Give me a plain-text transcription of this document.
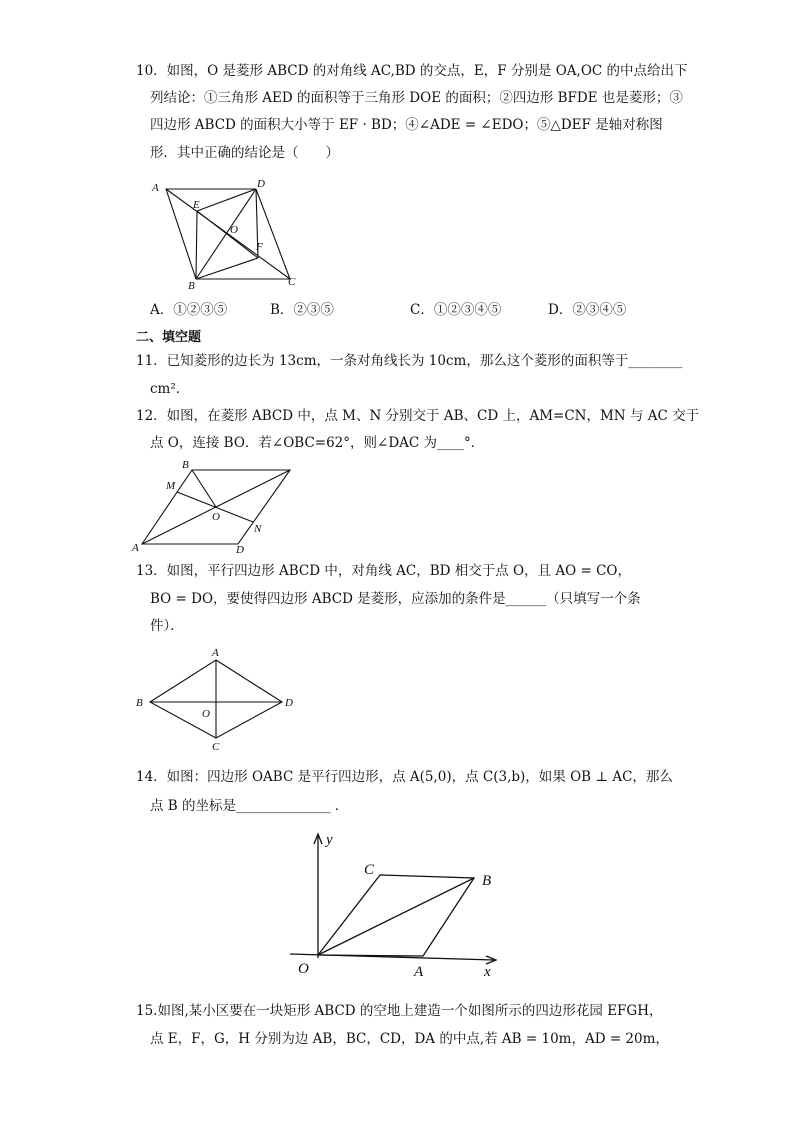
10．如图，O 是菱形 ABCD 的对角线 AC,BD 的交点，E，F 分别是 OA,OC 的中点给出下
列结论：①三角形 AED 的面积等于三角形 DOE 的面积；②四边形 BFDE 也是菱形；③
四边形 ABCD 的面积大小等于 EF · BD；④∠ADE = ∠EDO；⑤△DEF 是轴对称图
形．其中正确的结论是（　　）
A	D
E
O
F
B	C
A．①②③⑤	B．②③⑤	C．①②③④⑤	D．②③④⑤
二、填空题
11．已知菱形的边长为 13cm，一条对角线长为 10cm，那么这个菱形的面积等于________
cm²．
12．如图，在菱形 ABCD 中，点 M、N 分别交于 AB、CD 上，AM=CN，MN 与 AC 交于
点 O，连接 BO．若∠OBC=62°，则∠DAC 为____°．
B
M
O
N
A	D
13．如图，平行四边形 ABCD 中，对角线 AC，BD 相交于点 O，且 AO = CO，
BO = DO，要使得四边形 ABCD 是菱形，应添加的条件是______（只填写一个条
件）．
A
B
O
D
C
14．如图：四边形 OABC 是平行四边形，点 A(5,0)，点 C(3,b)，如果 OB ⊥ AC，那么
点 B 的坐标是______________ ．
y
C
B
O	A	x
15.如图,某小区要在一块矩形 ABCD 的空地上建造一个如图所示的四边形花园 EFGH，
点 E，F，G，H 分别为边 AB，BC，CD，DA 的中点,若 AB = 10m，AD = 20m，
